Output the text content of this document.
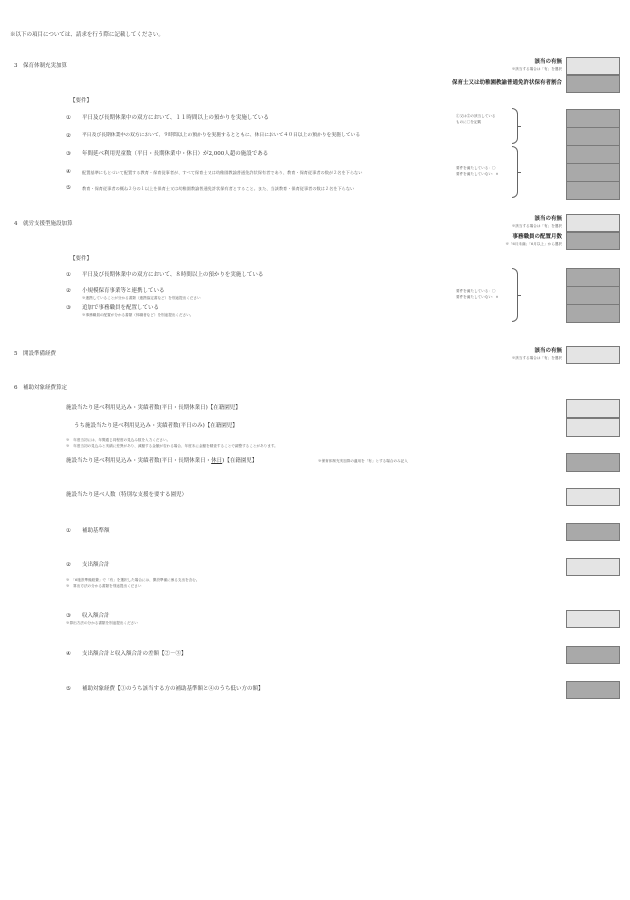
※以下の項目については、請求を行う際に記載してください。
3　保育体制充実加算
該当の有無
※該当する場合は「有」を選択
保育士又は幼稚園教諭普通免許状保有者割合
【要件】
① 平日及び長期休業中の双方において、１１時間以上の預かりを実施している
② 平日及び長期休業中の双方において、９時間以上の預かりを実施するとともに、休日において４０日以上の預かりを実施している
③ 年間延べ利用児童数（平日・長期休業中・休日）が2,000人超の施設である
④	配置基準にもとづいて配置する教育・保育従事者が、すべて保育士又は幼稚園教諭普通免許状保有者であり、教育・保育従事者の数が２名を下らない
⑤	教育・保育従事者の概ね２分の１以上を保育士又は幼稚園教諭普通免許状保有者とすること。また、当該教育・保育従事者の数は２名を下らない
①又は②の該当している
ものに〇を記載
要件を満たしている：〇
要件を満たしていない：×
4　就労支援型施設加算
該当の有無
※該当する場合は「有」を選択
事務職員の配置月数
※「6月未満」「6月以上」から選択
【要件】
① 平日及び長期休業中の双方において、８時間以上の預かりを実施している
② 小規模保育事業等と連携している
※連携していることが分かる書類（連携協定書など）を別途提出ください
③ 追加で事務職員を配置している
※事務職員の配置が分かる書類（休職者など）を別途提出ください。
要件を満たしている：〇
要件を満たしていない：×
5　開設準備経費	該当の有無
※該当する場合は「有」を選択
6　補助対象経費算定
施設当たり延べ利用見込み・実績者数(平日・長期休業日)【在籍園児】
うち施設当たり延べ利用見込み・実績者数(平日のみ)【在籍園児】
※　年度当初には、年間通じ同程度の見込み数を入力ください。
※　年度当初の見込みと実績に差異があり、減額する金額が変わる場合、年度末に金額を精査することで調整することがあります。
施設当たり延べ利用見込み・実績者数(平日・長期休業日・休日)【在籍園児】	※保育体制充実加算の適用を「有」とする場合のみ記入
施設当たり延べ人数（特別な支援を要する園児）
① 補助基準額
② 支出額合計
※　「6施設準備経費」で「有」を選択した場合には、開設準備に係る支出を含む。
※　算出方法の分かる書類を別途提出ください
③ 収入額合計
※算出方法の分かる書類を別途提出ください
④ 支出額合計と収入額合計の差額【②－③】
⑤ 補助対象経費【①のうち該当する方の補助基準額と④のうち低い方の額】
